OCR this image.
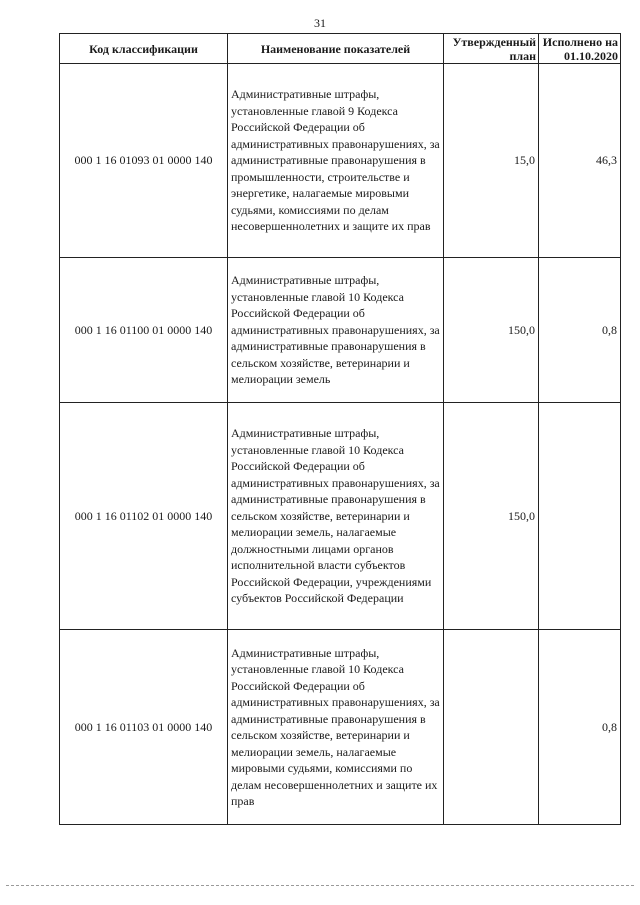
31
Код классификации	Наименование показателей	Утвержденный план	Исполнено на 01.10.2020
000 1 16 01093 01 0000 140	Административные штрафы, установленные главой 9 Кодекса Российской Федерации об административных правонарушениях, за административные правонарушения в промышленности, строительстве и энергетике, налагаемые мировыми судьями, комиссиями по делам несовершеннолетних и защите их прав	15,0	46,3
000 1 16 01100 01 0000 140	Административные штрафы, установленные главой 10 Кодекса Российской Федерации об административных правонарушениях, за административные правонарушения в сельском хозяйстве, ветеринарии и мелиорации земель	150,0	0,8
000 1 16 01102 01 0000 140	Административные штрафы, установленные главой 10 Кодекса Российской Федерации об административных правонарушениях, за административные правонарушения в сельском хозяйстве, ветеринарии и мелиорации земель, налагаемые должностными лицами органов исполнительной власти субъектов Российской Федерации, учреждениями субъектов Российской Федерации	150,0	
000 1 16 01103 01 0000 140	Административные штрафы, установленные главой 10 Кодекса Российской Федерации об административных правонарушениях, за административные правонарушения в сельском хозяйстве, ветеринарии и мелиорации земель, налагаемые мировыми судьями, комиссиями по делам несовершеннолетних и защите их прав		0,8
